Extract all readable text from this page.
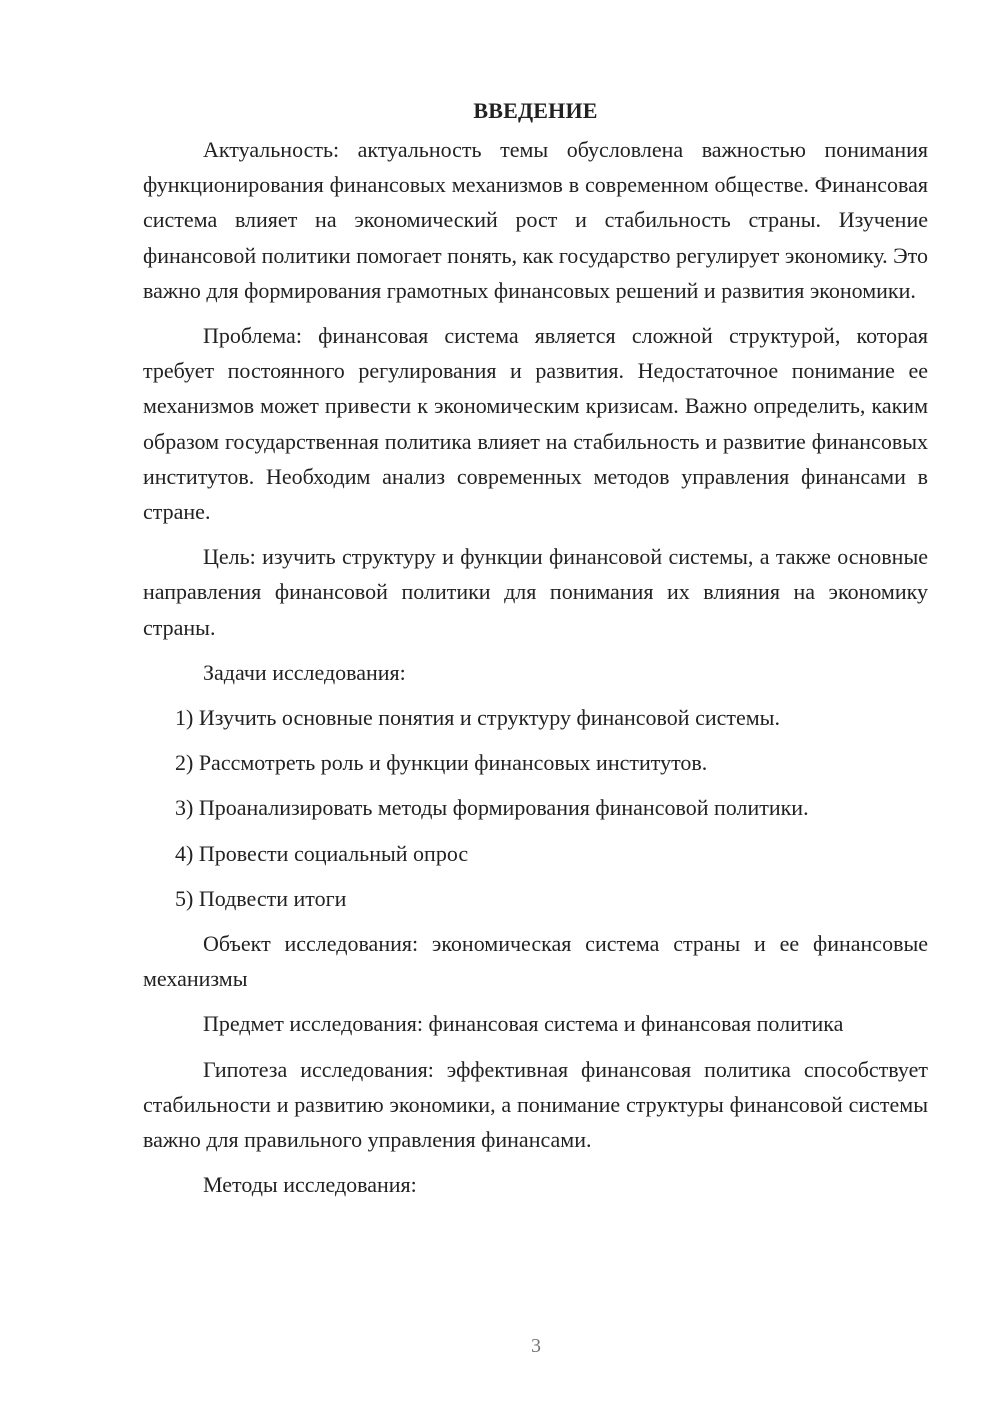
ВВЕДЕНИЕ

Актуальность: актуальность темы обусловлена важностью понимания функционирования финансовых механизмов в современном обществе. Финансовая система влияет на экономический рост и стабильность страны. Изучение финансовой политики помогает понять, как государство регулирует экономику. Это важно для формирования грамотных финансовых решений и развития экономики.

Проблема: финансовая система является сложной структурой, которая требует постоянного регулирования и развития. Недостаточное понимание ее механизмов может привести к экономическим кризисам. Важно определить, каким образом государственная политика влияет на стабильность и развитие финансовых институтов. Необходим анализ современных методов управления финансами в стране.

Цель: изучить структуру и функции финансовой системы, а также основные направления финансовой политики для понимания их влияния на экономику страны.

Задачи исследования:

1) Изучить основные понятия и структуру финансовой системы.
2) Рассмотреть роль и функции финансовых институтов.
3) Проанализировать методы формирования финансовой политики.
4) Провести социальный опрос
5) Подвести итоги

Объект исследования: экономическая система страны и ее финансовые механизмы

Предмет исследования: финансовая система и финансовая политика

Гипотеза исследования: эффективная финансовая политика способствует стабильности и развитию экономики, а понимание структуры финансовой системы важно для правильного управления финансами.

Методы исследования:

3
